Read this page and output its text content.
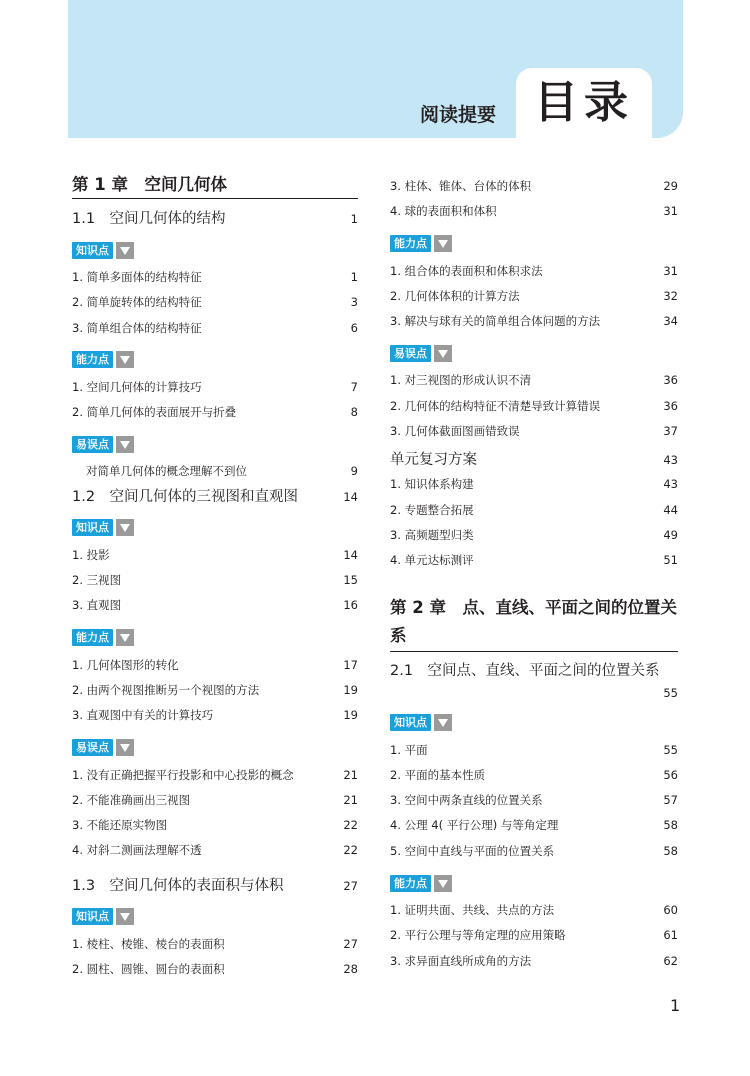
阅读提要 目录
第 1 章　空间几何体
1.1　空间几何体的结构	1
知识点
1. 简单多面体的结构特征	1
2. 简单旋转体的结构特征	3
3. 简单组合体的结构特征	6
能力点
1. 空间几何体的计算技巧	7
2. 简单几何体的表面展开与折叠	8
易误点
对简单几何体的概念理解不到位	9
1.2　空间几何体的三视图和直观图	14
知识点
1. 投影	14
2. 三视图	15
3. 直观图	16
能力点
1. 几何体图形的转化	17
2. 由两个视图推断另一个视图的方法	19
3. 直观图中有关的计算技巧	19
易误点
1. 没有正确把握平行投影和中心投影的概念	21
2. 不能准确画出三视图	21
3. 不能还原实物图	22
4. 对斜二测画法理解不透	22
1.3　空间几何体的表面积与体积	27
知识点
1. 棱柱、棱锥、棱台的表面积	27
2. 圆柱、圆锥、圆台的表面积	28
3. 柱体、锥体、台体的体积	29
4. 球的表面积和体积	31
能力点
1. 组合体的表面积和体积求法	31
2. 几何体体积的计算方法	32
3. 解决与球有关的简单组合体问题的方法	34
易误点
1. 对三视图的形成认识不清	36
2. 几何体的结构特征不清楚导致计算错误	36
3. 几何体截面图画错致误	37
单元复习方案	43
1. 知识体系构建	43
2. 专题整合拓展	44
3. 高频题型归类	49
4. 单元达标测评	51
第 2 章　点、直线、平面之间的位置关系
2.1　空间点、直线、平面之间的位置关系
55
知识点
1. 平面	55
2. 平面的基本性质	56
3. 空间中两条直线的位置关系	57
4. 公理 4( 平行公理) 与等角定理	58
5. 空间中直线与平面的位置关系	58
能力点
1. 证明共面、共线、共点的方法	60
2. 平行公理与等角定理的应用策略	61
3. 求异面直线所成角的方法	62
1
